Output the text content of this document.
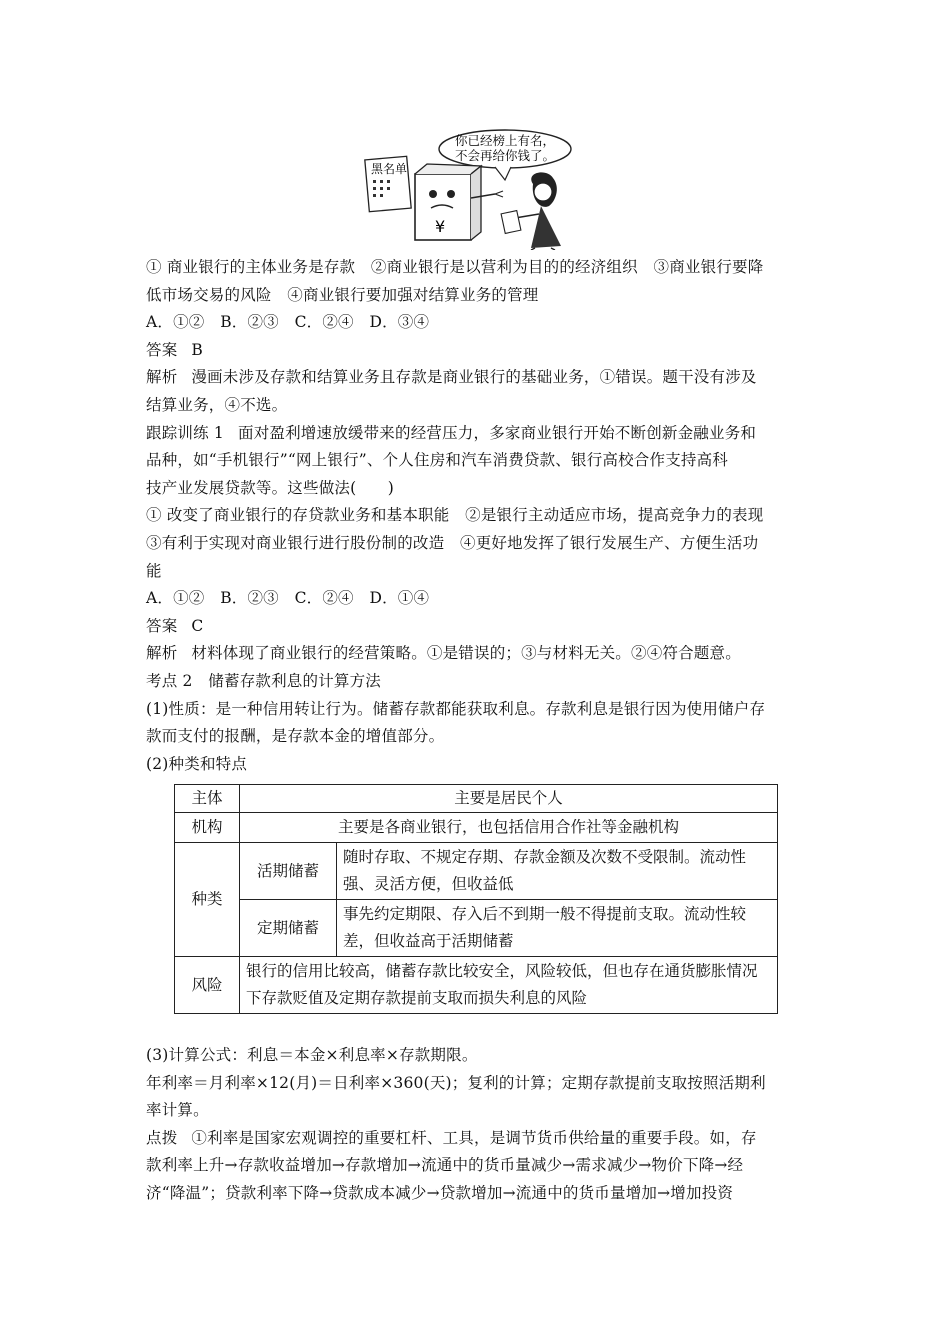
你已经榜上有名，
不会再给你钱了。
黑名单
¥
① 商业银行的主体业务是存款　②商业银行是以营利为目的的经济组织　③商业银行要降
低市场交易的风险　④商业银行要加强对结算业务的管理
A．①②　B．②③　C．②④　D．③④
答案 B
解析 漫画未涉及存款和结算业务且存款是商业银行的基础业务，①错误。题干没有涉及
结算业务，④不选。
跟踪训练 1 面对盈利增速放缓带来的经营压力，多家商业银行开始不断创新金融业务和
品种，如“手机银行”“网上银行”、个人住房和汽车消费贷款、银行高校合作支持高科
技产业发展贷款等。这些做法(　　)
① 改变了商业银行的存贷款业务和基本职能　②是银行主动适应市场，提高竞争力的表现
③有利于实现对商业银行进行股份制的改造　④更好地发挥了银行发展生产、方便生活功
能
A．①②　B．②③　C．②④　D．①④
答案 C
解析 材料体现了商业银行的经营策略。①是错误的；③与材料无关。②④符合题意。
考点 2　储蓄存款利息的计算方法
(1)性质：是一种信用转让行为。储蓄存款都能获取利息。存款利息是银行因为使用储户存
款而支付的报酬，是存款本金的增值部分。
(2)种类和特点
主体	主要是居民个人	
机构	主要是各商业银行，也包括信用合作社等金融机构	
种类	活期储蓄	随时存取、不规定存期、存款金额及次数不受限制。流动性强、灵活方便，但收益低
	定期储蓄	事先约定期限、存入后不到期一般不得提前支取。流动性较差，但收益高于活期储蓄
风险	银行的信用比较高，储蓄存款比较安全，风险较低，但也存在通货膨胀情况下存款贬值及定期存款提前支取而损失利息的风险	
(3)计算公式：利息＝本金×利息率×存款期限。
年利率＝月利率×12(月)＝日利率×360(天)；复利的计算；定期存款提前支取按照活期利
率计算。
点拨 ①利率是国家宏观调控的重要杠杆、工具，是调节货币供给量的重要手段。如，存
款利率上升→存款收益增加→存款增加→流通中的货币量减少→需求减少→物价下降→经
济“降温”；贷款利率下降→贷款成本减少→贷款增加→流通中的货币量增加→增加投资
